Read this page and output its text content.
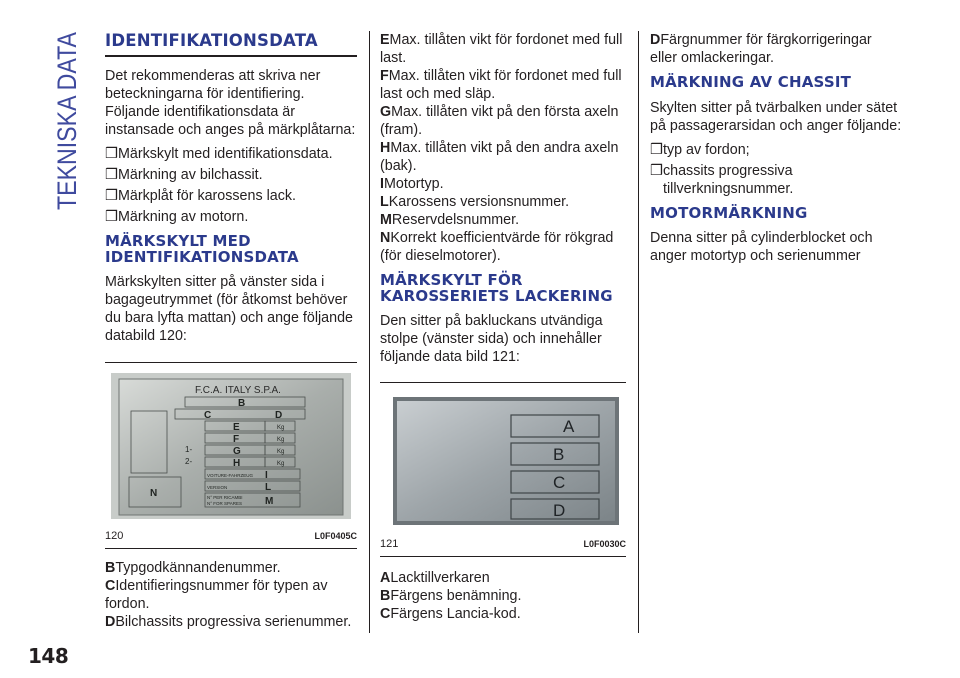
TEKNISKA DATA IDENTIFIKATIONSDATA

Det rekommenderas att skriva ner beteckningarna för identifiering. Följande identifikationsdata är instansade och anges på märkplåtarna:

❒ Märkskylt med identifikationsdata.

❒ Märkning av bilchassit.

❒ Märkplåt för karossens lack.

❒ Märkning av motorn.

MÄRKSKYLT MED IDENTIFIKATIONSDATA

Märkskylten sitter på vänster sida i bagageutrymmet (för åtkomst behöver du bara lyfta mattan) och ange följande databild 120:

F.C.A. ITALY S.P.A.
B
C	D
E
F
G
H
I
L
M
N
Kg
Kg
Kg
Kg
1-
2-
VOITURE-FAHRZEUG
VERSION
N° PER RICAMBI
N° FOR SPARES
120	L0F0405C

BTypgodkännandenummer.

CIdentifieringsnummer för typen av fordon.

DBilchassits progressiva serienummer.

EMax. tillåten vikt för fordonet med full last.

FMax. tillåten vikt för fordonet med full last och med släp.

GMax. tillåten vikt på den första axeln (fram).

HMax. tillåten vikt på den andra axeln (bak).

IMotortyp.

LKarossens versionsnummer.

MReservdelsnummer.

NKorrekt koefficientvärde för rökgrad (för dieselmotorer).

MÄRKSKYLT FÖR KAROSSERIETS LACKERING

Den sitter på bakluckans utvändiga stolpe (vänster sida) och innehåller följande data bild 121:

A
B
C
D
121	L0F0030C

ALacktillverkaren

BFärgens benämning.

CFärgens Lancia-kod.

DFärgnummer för färgkorrigeringar eller omlackeringar.

MÄRKNING AV CHASSIT

Skylten sitter på tvärbalken under sätet på passagerarsidan och anger följande:

❒ typ av fordon;

❒ chassits progressiva tillverkningsnummer.

MOTORMÄRKNING

Denna sitter på cylinderblocket och anger motortyp och serienummer

148
